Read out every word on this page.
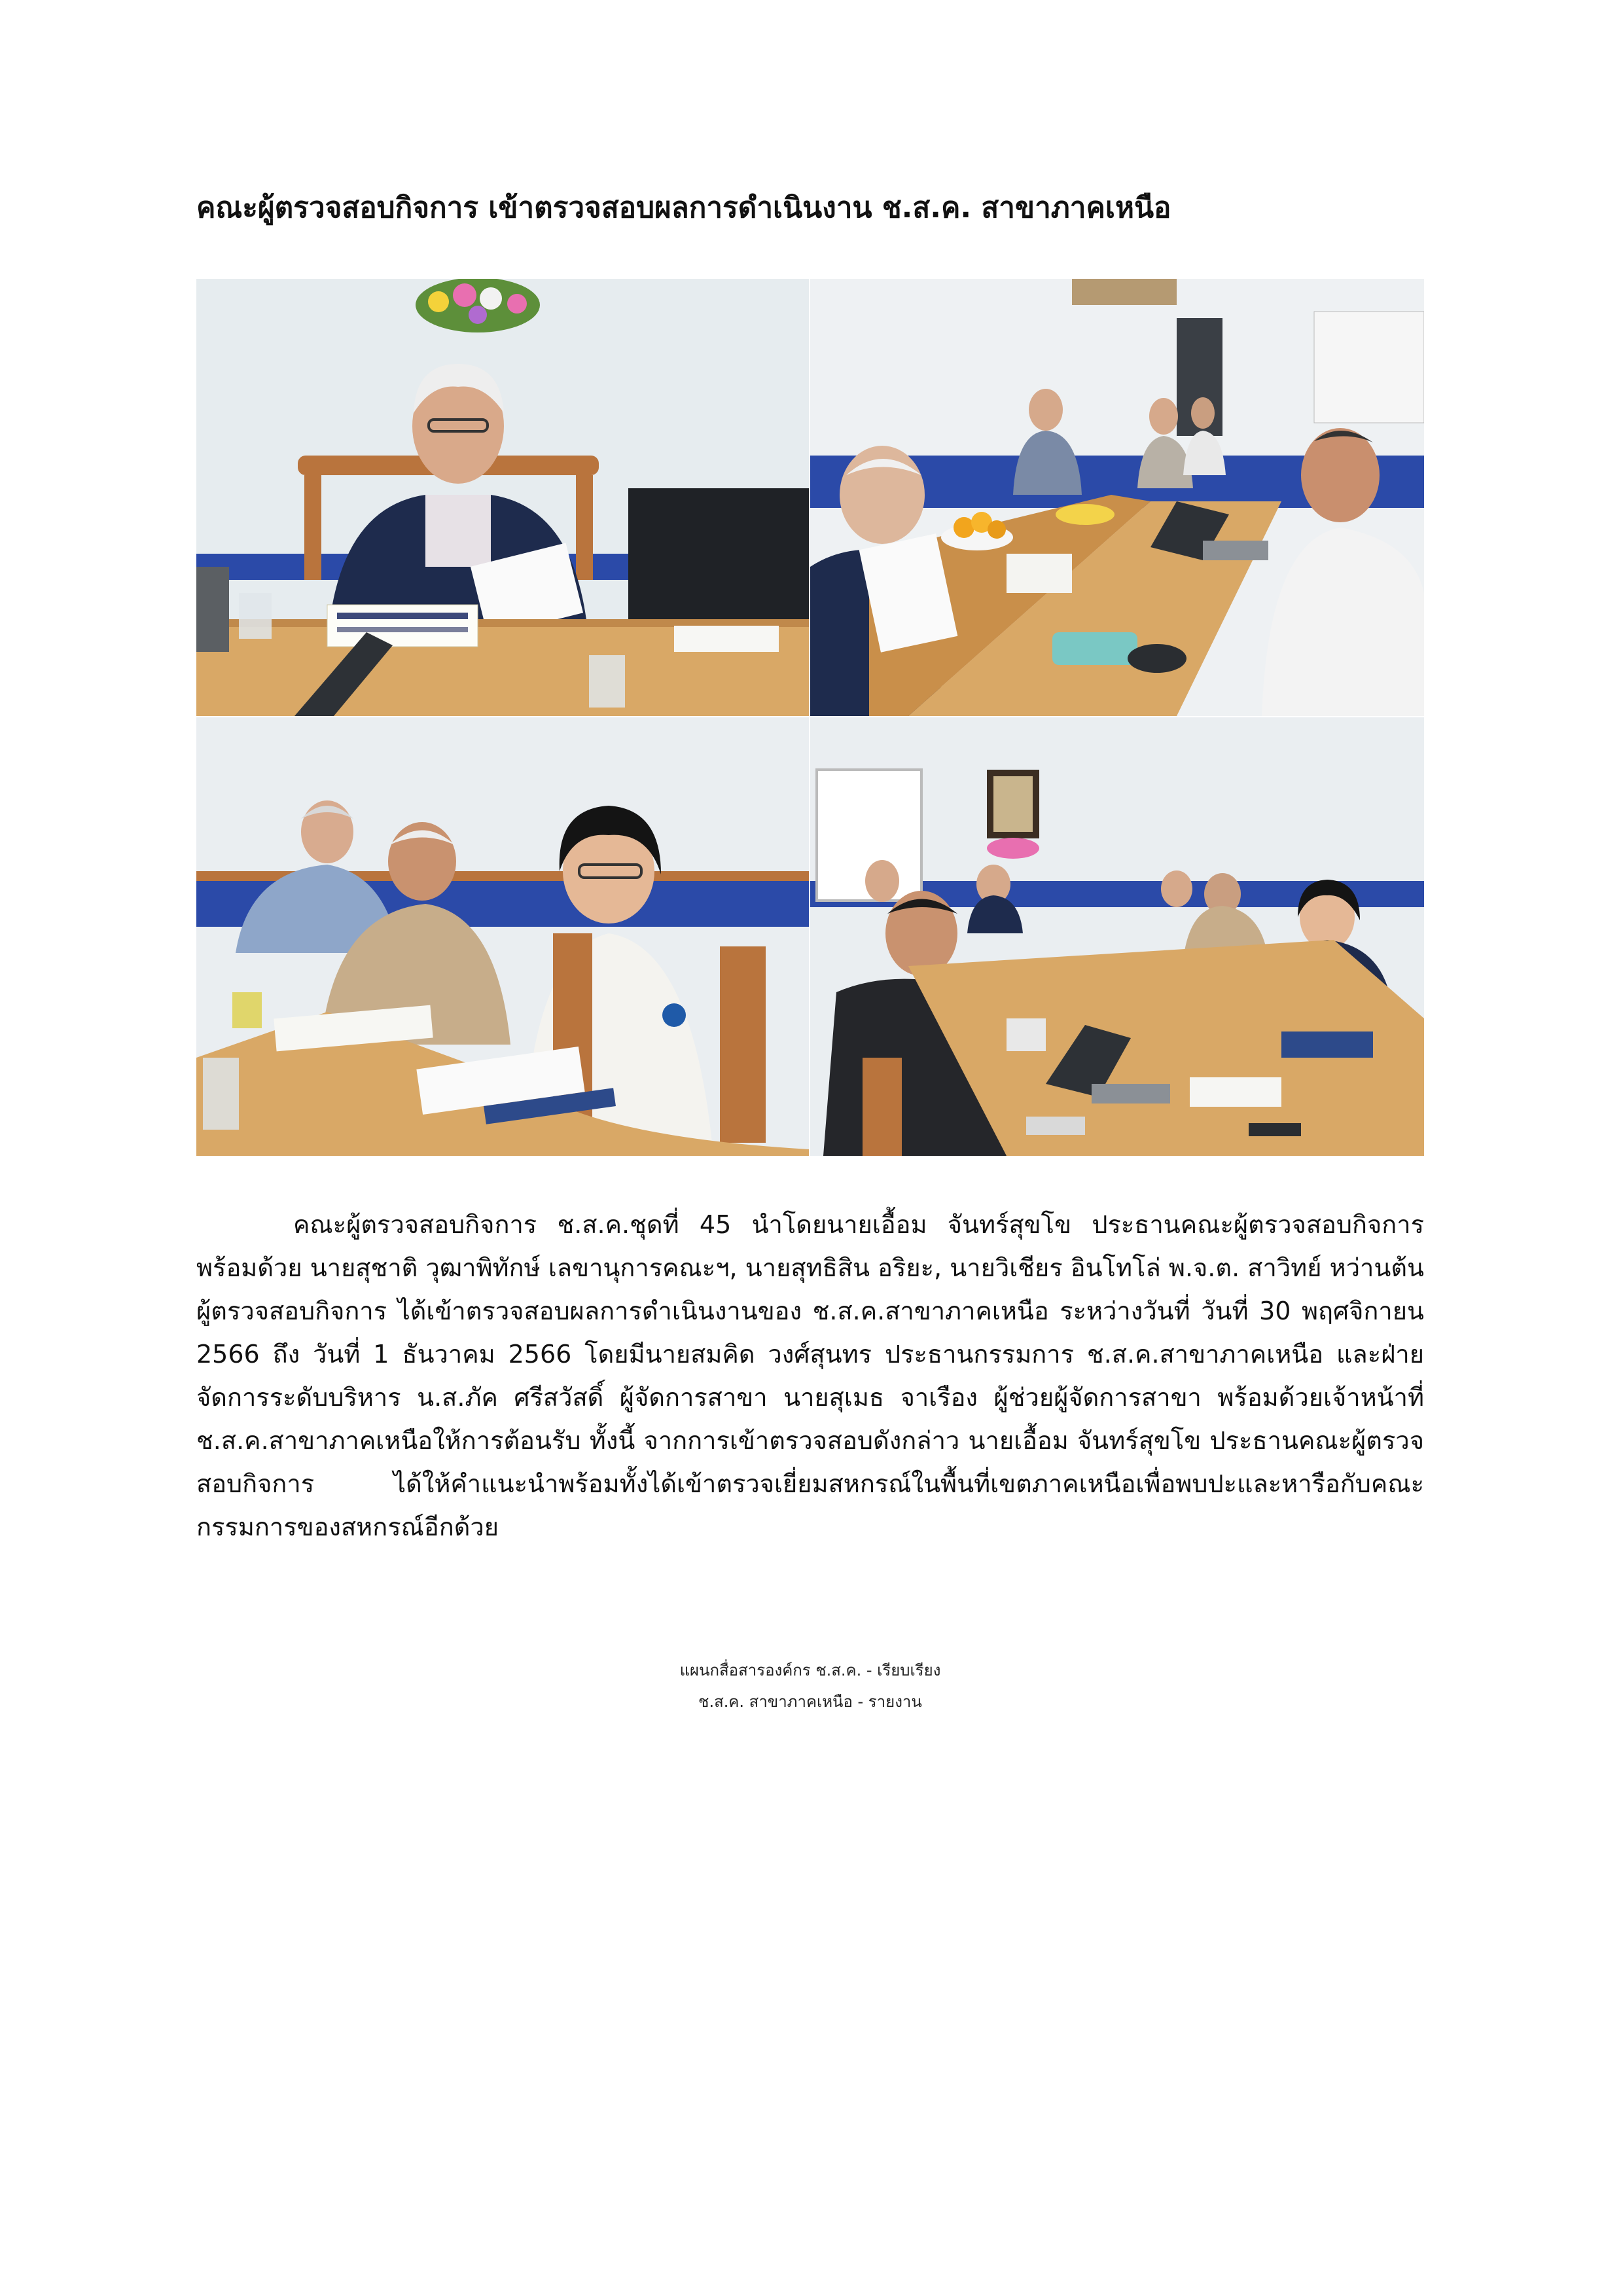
คณะผู้ตรวจสอบกิจการ เข้าตรวจสอบผลการดำเนินงาน ช.ส.ค. สาขาภาคเหนือ

คณะผู้ตรวจสอบกิจการ ช.ส.ค.ชุดที่ 45 นำโดยนายเอื้อม จันทร์สุขโข ประธานคณะผู้ตรวจสอบกิจการ พร้อมด้วย นายสุชาติ วุฒาพิทักษ์ เลขานุการคณะฯ, นายสุทธิสิน อริยะ, นายวิเชียร อินโทโล่ พ.จ.ต. สาวิทย์ หว่านต้น ผู้ตรวจสอบกิจการ ได้เข้าตรวจสอบผลการดำเนินงานของ ช.ส.ค.สาขาภาคเหนือ ระหว่างวันที่ วันที่ 30 พฤศจิกายน 2566 ถึง วันที่ 1 ธันวาคม 2566 โดยมีนายสมคิด วงศ์สุนทร ประธานกรรมการ ช.ส.ค.สาขาภาคเหนือ และฝ่ายจัดการระดับบริหาร น.ส.ภัค ศรีสวัสดิ์ ผู้จัดการสาขา นายสุเมธ จาเรือง ผู้ช่วยผู้จัดการสาขา พร้อมด้วยเจ้าหน้าที่ ช.ส.ค.สาขาภาคเหนือให้การต้อนรับ ทั้งนี้ จากการเข้าตรวจสอบดังกล่าว นายเอื้อม จันทร์สุขโข ประธานคณะผู้ตรวจสอบกิจการ ได้ให้คำแนะนำพร้อมทั้งได้เข้าตรวจเยี่ยมสหกรณ์ในพื้นที่เขตภาคเหนือเพื่อพบปะและหารือกับคณะกรรมการของสหกรณ์อีกด้วย

แผนกสื่อสารองค์กร ช.ส.ค. - เรียบเรียง
ช.ส.ค. สาขาภาคเหนือ - รายงาน
